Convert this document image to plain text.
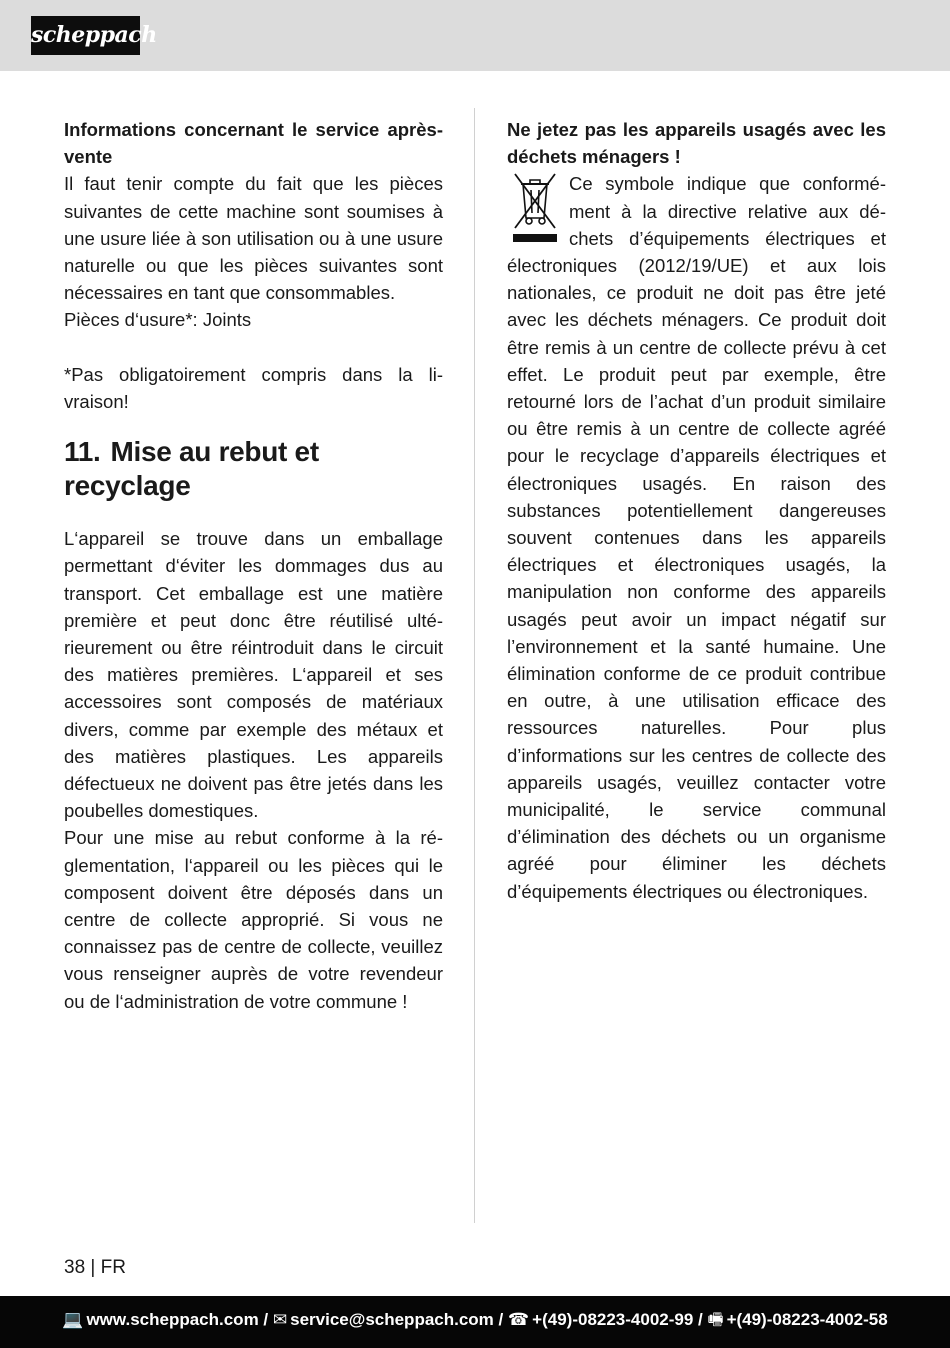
scheppach

Informations concernant le service après-vente

Il faut tenir compte du fait que les pièces suivantes de cette machine sont soumises à une usure liée à son utilisation ou à une usure naturelle ou que les pièces suivantes sont nécessaires en tant que consommables.

Pièces d‘usure*: Joints

*Pas obligatoirement compris dans la livraison!

11. Mise au rebut et recyclage

L‘appareil se trouve dans un emballage permettant d‘éviter les dommages dus au transport. Cet emballage est une matière première et peut donc être réutilisé ultérieurement ou être réintroduit dans le circuit des matières premières. L‘appareil et ses accessoires sont composés de matériaux divers, comme par exemple des métaux et des matières plastiques. Les appareils défectueux ne doivent pas être jetés dans les poubelles domestiques.

Pour une mise au rebut conforme à la réglementation, l‘appareil ou les pièces qui le composent doivent être déposés dans un centre de collecte approprié. Si vous ne connaissez pas de centre de collecte, veuillez vous renseigner auprès de votre revendeur ou de l‘administration de votre commune !

Ne jetez pas les appareils usagés avec les déchets ménagers !

Ce symbole indique que conformément à la directive relative aux déchets d’équipements électriques et électroniques (2012/19/UE) et aux lois nationales, ce produit ne doit pas être jeté avec les déchets ménagers. Ce produit doit être remis à un centre de collecte prévu à cet effet. Le produit peut par exemple, être retourné lors de l’achat d’un produit similaire ou être remis à un centre de collecte agréé pour le recyclage d’appareils électriques et électroniques usagés. En raison des substances potentiellement dangereuses souvent contenues dans les appareils électriques et électroniques usagés, la manipulation non conforme des appareils usagés peut avoir un impact négatif sur l’environnement et la santé humaine. Une élimination conforme de ce produit contribue en outre, à une utilisation efficace des ressources naturelles. Pour plus d’informations sur les centres de collecte des appareils usagés, veuillez contacter votre municipalité, le service communal d’élimination des déchets ou un organisme agréé pour éliminer les déchets d’équipements électriques ou électroniques.

38 | FR
💻 www.scheppach.com / ✉ service@scheppach.com / ☎ +(49)-08223-4002-99 / 🖷 +(49)-08223-4002-58
